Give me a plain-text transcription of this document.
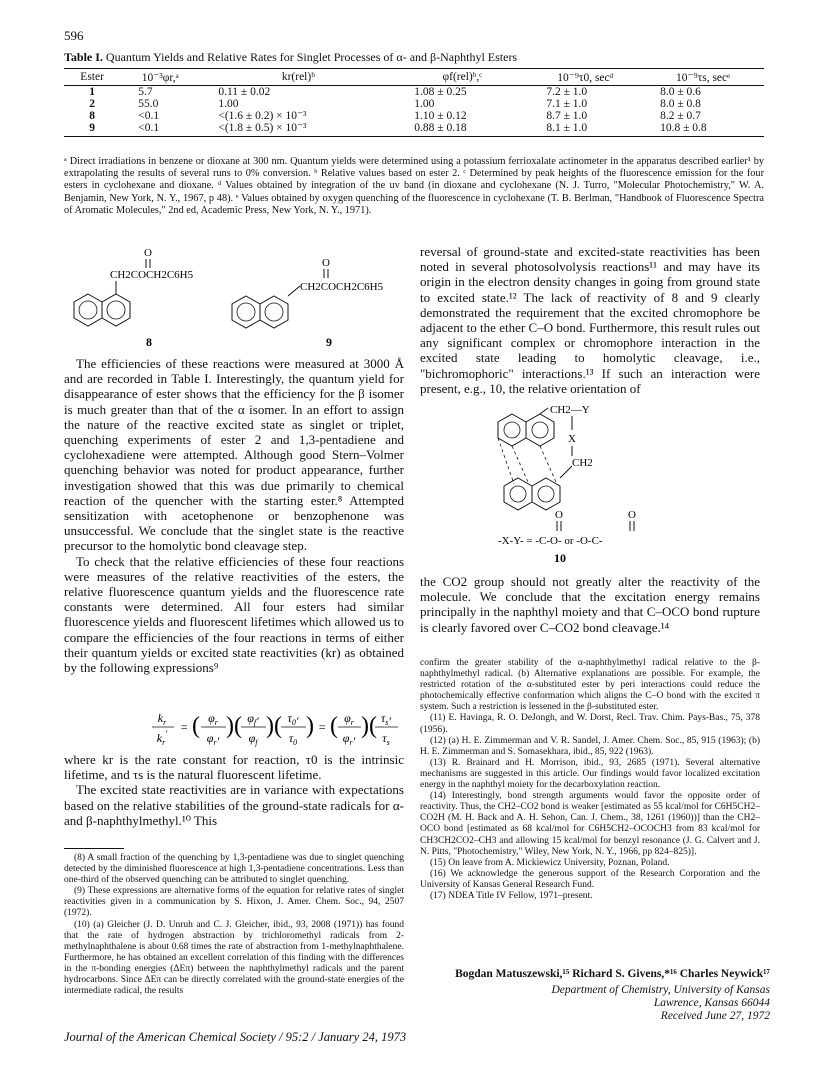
596
Table I. Quantum Yields and Relative Rates for Singlet Processes of α- and β-Naphthyl Esters
Ester	10⁻³φr,ᵃ	kr(rel)ᵇ	φf(rel)ᵇ,ᶜ	10⁻⁹τ0, secᵈ	10⁻⁹τs, secᵉ
1	5.7	0.11 ± 0.02	1.08 ± 0.25	7.2 ± 1.0	8.0 ± 0.6
2	55.0	1.00	1.00	7.1 ± 1.0	8.0 ± 0.8
8	<0.1	<(1.6 ± 0.2) × 10⁻³	1.10 ± 0.12	8.7 ± 1.0	8.2 ± 0.7
9	<0.1	<(1.8 ± 0.5) × 10⁻³	0.88 ± 0.18	8.1 ± 1.0	10.8 ± 0.8
ᵃ Direct irradiations in benzene or dioxane at 300 nm. Quantum yields were determined using a potassium ferrioxalate actinometer in the apparatus described earlier¹ by extrapolating the results of several runs to 0% conversion. ᵇ Relative values based on ester 2. ᶜ Determined by peak heights of the fluorescence emission for the four esters in cyclohexane and dioxane. ᵈ Values obtained by integration of the uv band (in dioxane and cyclohexane (N. J. Turro, "Molecular Photochemistry," W. A. Benjamin, New York, N. Y., 1967, p 48). ᵉ Values obtained by oxygen quenching of the fluorescence in cyclohexane (T. B. Berlman, "Handbook of Fluorescence Spectra of Aromatic Molecules," 2nd ed, Academic Press, New York, N. Y., 1971).
O
CH2COCH2C6H5
8
O
CH2COCH2C6H5
9

The efficiencies of these reactions were measured at 3000 Å and are recorded in Table I. Interestingly, the quantum yield for disappearance of ester shows that the efficiency for the β isomer is much greater than that of the α isomer. In an effort to assign the nature of the reactive excited state as singlet or triplet, quenching experiments of ester 2 and 1,3-pentadiene and cyclohexadiene were attempted. Although good Stern–Volmer quenching behavior was noted for product appearance, further investigation showed that this was due primarily to chemical reaction of the quencher with the starting ester.⁸ Attempted sensitization with acetophenone or benzophenone was unsuccessful. We conclude that the singlet state is the reactive precursor to the homolytic bond cleavage step.

To check that the relative efficiencies of these four reactions were measures of the relative reactivities of the esters, the relative fluorescence quantum yields and the fluorescence rate constants were determined. All four esters had similar fluorescence yields and fluorescent lifetimes which allowed us to compare the efficiencies of the four reactions in terms of either their quantum yields or excited state reactivities (kr) as obtained by the following expressions⁹

$k_r$
$k_r'$ = ( $\varphi_r$
$\varphi_r'$
)( $\varphi_f'$
$\varphi_f$
)( $\tau_0'$
$\tau_0$
) = ( $\varphi_r$
$\varphi_r'$
)( $\tau_s'$
$\tau_s$

where kr is the rate constant for reaction, τ0 is the intrinsic lifetime, and τs is the natural fluorescent lifetime.

The excited state reactivities are in variance with expectations based on the relative stabilities of the ground-state radicals for α- and β-naphthylmethyl.¹⁰ This

(8) A small fraction of the quenching by 1,3-pentadiene was due to singlet quenching detected by the diminished fluorescence at high 1,3-pentadiene concentrations. Less than one-third of the observed quenching can be attributed to singlet quenching.

(9) These expressions are alternative forms of the equation for relative rates of singlet reactivities given in a communication by S. Hixon, J. Amer. Chem. Soc., 94, 2507 (1972).

(10) (a) Gleicher (J. D. Unruh and C. J. Gleicher, ibid., 93, 2008 (1971)) has found that the rate of hydrogen abstraction by trichloromethyl radicals from 2-methylnaphthalene is about 0.68 times the rate of abstraction from 1-methylnaphthalene. Furthermore, he has obtained an excellent correlation of this finding with the differences in the π-bonding energies (ΔEπ) between the naphthylmethyl radicals and the parent hydrocarbons. Since ΔEπ can be directly correlated with the ground-state energies of the intermediate radical, the results

reversal of ground-state and excited-state reactivities has been noted in several photosolvolysis reactions¹¹ and may have its origin in the electron density changes in going from ground state to excited state.¹² The lack of reactivity of 8 and 9 clearly demonstrated the requirement that the excited chromophore be adjacent to the ether C–O bond. Furthermore, this result rules out any significant complex or chromophore interaction in the excited state leading to homolytic cleavage, i.e., "bichromophoric" interactions.¹³ If such an interaction were present, e.g., 10, the relative orientation of

CH2—Y
X
CH2
O	O
-X-Y- = -C-O- or -O-C-
10

the CO2 group should not greatly alter the reactivity of the molecule. We conclude that the excitation energy remains principally in the naphthyl moiety and that C–OCO bond rupture is clearly favored over C–CO2 bond cleavage.¹⁴

confirm the greater stability of the α-naphthylmethyl radical relative to the β-naphthylmethyl radical. (b) Alternative explanations are possible. For example, the restricted rotation of the α-substituted ester by peri interactions could reduce the photochemically effective conformation which aligns the C–O bond with the excited π system. Such a restriction is lessened in the β-substituted ester.

(11) E. Havinga, R. O. DeJongh, and W. Dorst, Recl. Trav. Chim. Pays-Bas., 75, 378 (1956).

(12) (a) H. E. Zimmerman and V. R. Sandel, J. Amer. Chem. Soc., 85, 915 (1963); (b) H. E. Zimmerman and S. Somasekhara, ibid., 85, 922 (1963).

(13) R. Brainard and H. Morrison, ibid., 93, 2685 (1971). Several alternative mechanisms are suggested in this article. Our findings would favor localized excitation energy in the naphthyl moiety for the decarboxylation reaction.

(14) Interestingly, bond strength arguments would favor the opposite order of reactivity. Thus, the CH2–CO2 bond is weaker [estimated as 55 kcal/mol for C6H5CH2–CO2H (M. H. Back and A. H. Sehon, Can. J. Chem., 38, 1261 (1960))] than the CH2–OCO bond [estimated as 68 kcal/mol for C6H5CH2–OCOCH3 from 83 kcal/mol for CH3CH2CO2–CH3 and allowing 15 kcal/mol for benzyl resonance (J. G. Calvert and J. N. Pitts, "Photochemistry," Wiley, New York, N. Y., 1966, pp 824–825)].

(15) On leave from A. Mickiewicz University, Poznan, Poland.

(16) We acknowledge the generous support of the Research Corporation and the University of Kansas General Research Fund.

(17) NDEA Title IV Fellow, 1971–present.

Bogdan Matuszewski,¹⁵ Richard S. Givens,*¹⁶ Charles Neywick¹⁷
Department of Chemistry, University of Kansas
Lawrence, Kansas 66044
Received June 27, 1972
Journal of the American Chemical Society / 95:2 / January 24, 1973
